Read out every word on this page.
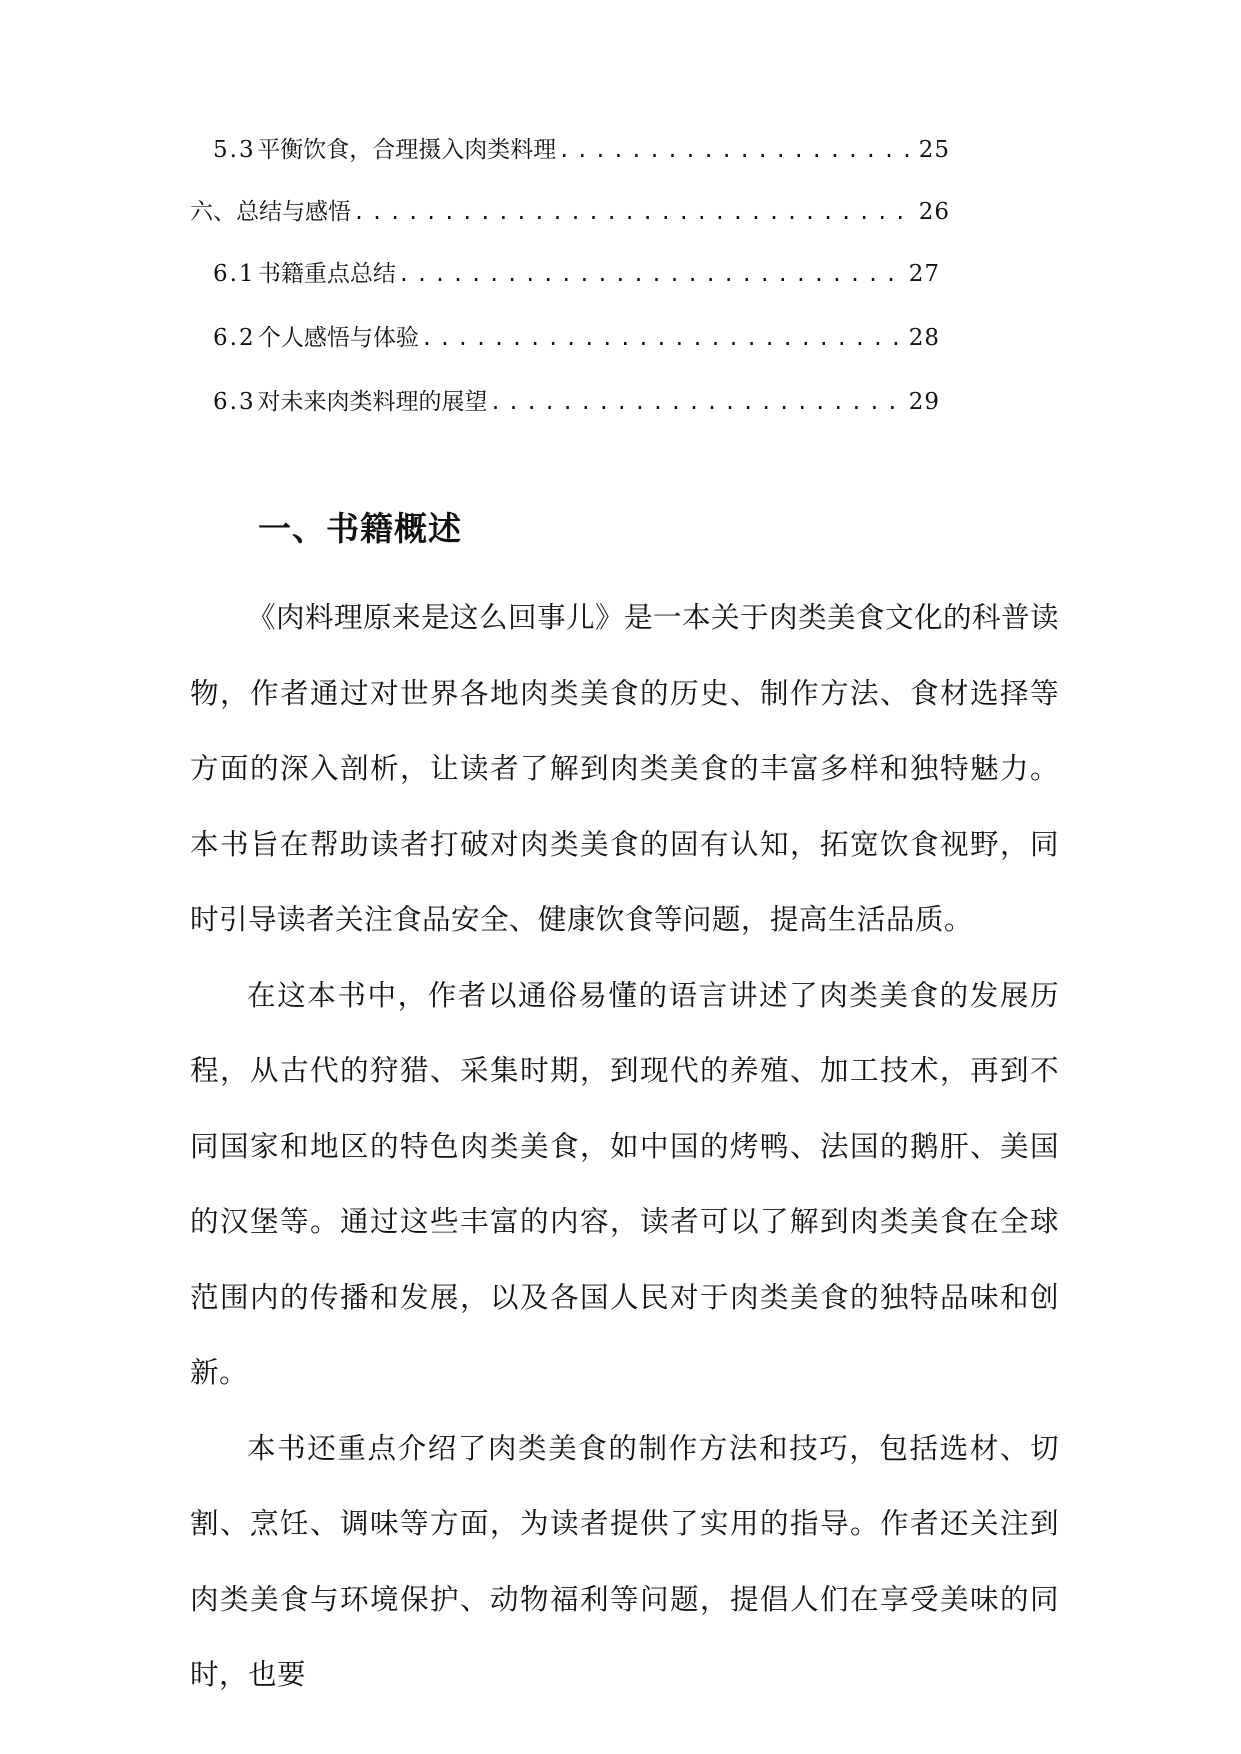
5.3 平衡饮食，合理摄入肉类料理 .....	25
六、 总结与感悟 .....	26
6.1 书籍重点总结 .....	27
6.2 个人感悟与体验 .....	28
6.3 对未来肉类料理的展望 .....	29
一、书籍概述

《肉料理原来是这么回事儿》是一本关于肉类美食文化的科普读物，作者通过对世界各地肉类美食的历史、制作方法、食材选择等方面的深入剖析，让读者了解到肉类美食的丰富多样和独特魅力。本书旨在帮助读者打破对肉类美食的固有认知，拓宽饮食视野，同时引导读者关注食品安全、健康饮食等问题，提高生活品质。

在这本书中，作者以通俗易懂的语言讲述了肉类美食的发展历程，从古代的狩猎、采集时期，到现代的养殖、加工技术，再到不同国家和地区的特色肉类美食，如中国的烤鸭、法国的鹅肝、美国的汉堡等。通过这些丰富的内容，读者可以了解到肉类美食在全球范围内的传播和发展，以及各国人民对于肉类美食的独特品味和创新。

本书还重点介绍了肉类美食的制作方法和技巧，包括选材、切割、烹饪、调味等方面，为读者提供了实用的指导。作者还关注到肉类美食与环境保护、动物福利等问题，提倡人们在享受美味的同时，也要
